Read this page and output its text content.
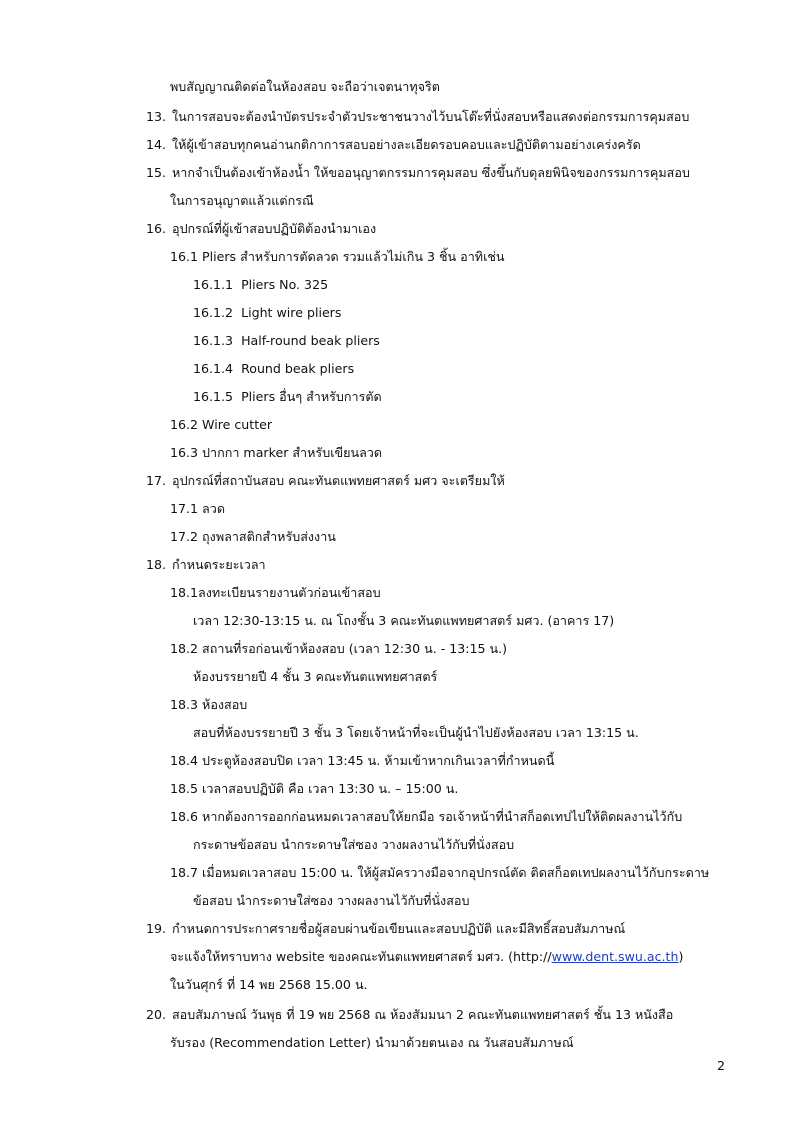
พบสัญญาณติดต่อในห้องสอบ จะถือว่าเจตนาทุจริต
13. ในการสอบจะต้องนำบัตรประจำตัวประชาชนวางไว้บนโต๊ะที่นั่งสอบหรือแสดงต่อกรรมการคุมสอบ
14. ให้ผู้เข้าสอบทุกคนอ่านกติกาการสอบอย่างละเอียดรอบคอบและปฏิบัติตามอย่างเคร่งครัด
15. หากจำเป็นต้องเข้าห้องน้ำ ให้ขออนุญาตกรรมการคุมสอบ ซึ่งขึ้นกับดุลยพินิจของกรรมการคุมสอบ
ในการอนุญาตแล้วแต่กรณี
16. อุปกรณ์ที่ผู้เข้าสอบปฏิบัติต้องนำมาเอง
16.1 Pliers สำหรับการตัดลวด รวมแล้วไม่เกิน 3 ชิ้น อาทิเช่น
16.1.1 Pliers No. 325
16.1.2 Light wire pliers
16.1.3 Half-round beak pliers
16.1.4 Round beak pliers
16.1.5 Pliers อื่นๆ สำหรับการตัด
16.2 Wire cutter
16.3 ปากกา marker สำหรับเขียนลวด
17. อุปกรณ์ที่สถาบันสอบ คณะทันตแพทยศาสตร์ มศว จะเตรียมให้
17.1 ลวด
17.2 ถุงพลาสติกสำหรับส่งงาน
18. กำหนดระยะเวลา
18.1ลงทะเบียนรายงานตัวก่อนเข้าสอบ
เวลา 12:30-13:15 น. ณ โถงชั้น 3 คณะทันตแพทยศาสตร์ มศว. (อาคาร 17)
18.2 สถานที่รอก่อนเข้าห้องสอบ (เวลา 12:30 น. - 13:15 น.)
ห้องบรรยายปี 4 ชั้น 3 คณะทันตแพทยศาสตร์
18.3 ห้องสอบ
สอบที่ห้องบรรยายปี 3 ชั้น 3 โดยเจ้าหน้าที่จะเป็นผู้นำไปยังห้องสอบ เวลา 13:15 น.
18.4 ประตูห้องสอบปิด เวลา 13:45 น. ห้ามเข้าหากเกินเวลาที่กำหนดนี้
18.5 เวลาสอบปฏิบัติ คือ เวลา 13:30 น. – 15:00 น.
18.6 หากต้องการออกก่อนหมดเวลาสอบให้ยกมือ รอเจ้าหน้าที่นำสก็อตเทปไปให้ติดผลงานไว้กับ
กระดาษข้อสอบ นำกระดาษใส่ซอง วางผลงานไว้กับที่นั่งสอบ
18.7 เมื่อหมดเวลาสอบ 15:00 น. ให้ผู้สมัครวางมือจากอุปกรณ์ตัด ติดสก็อตเทปผลงานไว้กับกระดาษ
ข้อสอบ นำกระดาษใส่ซอง วางผลงานไว้กับที่นั่งสอบ
19. กำหนดการประกาศรายชื่อผู้สอบผ่านข้อเขียนและสอบปฏิบัติ และมีสิทธิ์สอบสัมภาษณ์
จะแจ้งให้ทราบทาง website ของคณะทันตแพทยศาสตร์ มศว. (http://www.dent.swu.ac.th)
ในวันศุกร์ ที่ 14 พย 2568 15.00 น.
20. สอบสัมภาษณ์ วันพุธ ที่ 19 พย 2568 ณ ห้องสัมมนา 2 คณะทันตแพทยศาสตร์ ชั้น 13 หนังสือ
รับรอง (Recommendation Letter) นำมาด้วยตนเอง ณ วันสอบสัมภาษณ์
2
